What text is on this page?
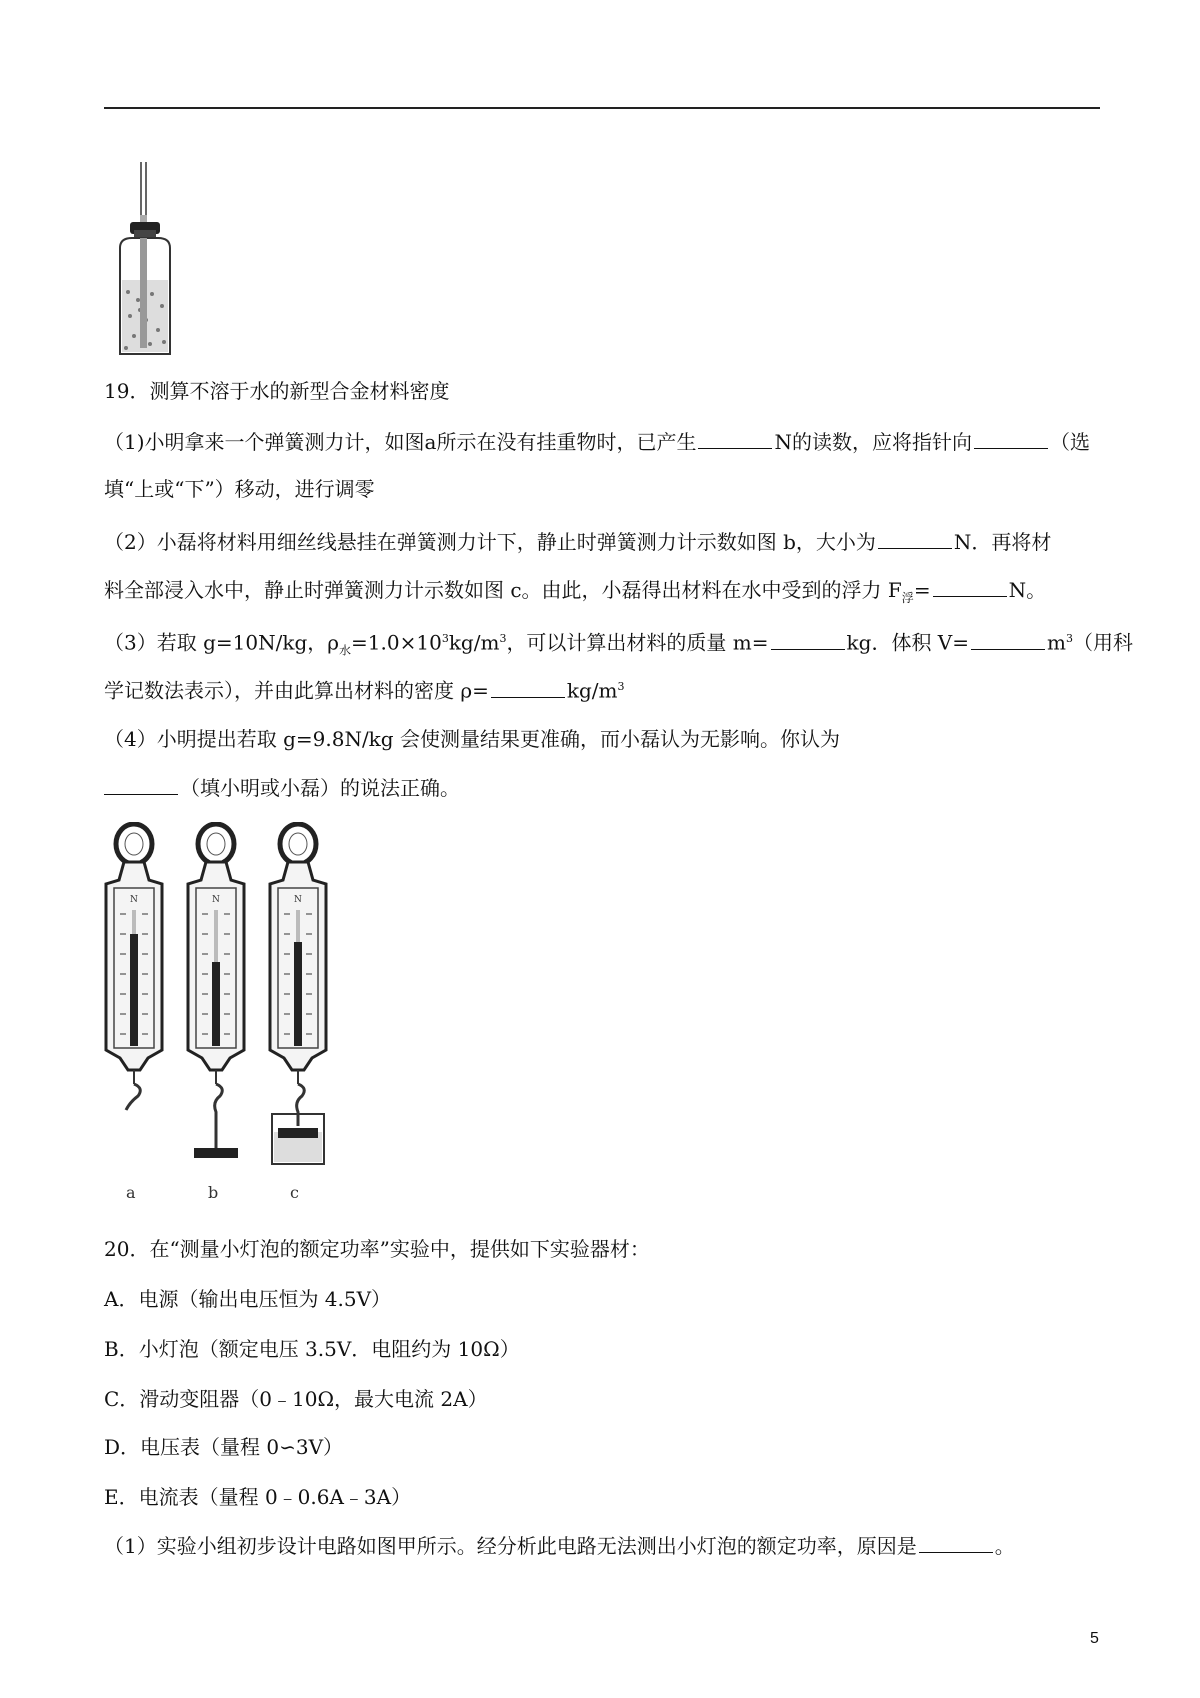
19．测算不溶于水的新型合金材料密度
（1)小明拿来一个弹簧测力计，如图a所示在没有挂重物时，已产生	N的读数，应将指针向	（选
填“上或“下”）移动，进行调零
（2）小磊将材料用细丝线悬挂在弹簧测力计下，静止时弹簧测力计示数如图 b，大小为	N．再将材
料全部浸入水中，静止时弹簧测力计示数如图 c。由此，小磊得出材料在水中受到的浮力 $F_浮=$	N。
（3）若取 g=10N/kg，$\rho_水=1.0\times 10^3kg/m^3$，可以计算出材料的质量 m=	kg．体积 V=	$m^3$（用科
学记数法表示），并由此算出材料的密度 ρ=	$kg/m^3$
（4）小明提出若取 g=9.8N/kg 会使测量结果更准确，而小磊认为无影响。你认为
（填小明或小磊）的说法正确。
a	b	c
20．在“测量小灯泡的额定功率”实验中，提供如下实验器材：
A．电源（输出电压恒为 4.5V）
B．小灯泡（额定电压 3.5V．电阻约为 10Ω）
C．滑动变阻器（0﹣10Ω，最大电流 2A）
D．电压表（量程 0∽3V）
E．电流表（量程 0﹣0.6A﹣3A）
（1）实验小组初步设计电路如图甲所示。经分析此电路无法测出小灯泡的额定功率，原因是	。
5
